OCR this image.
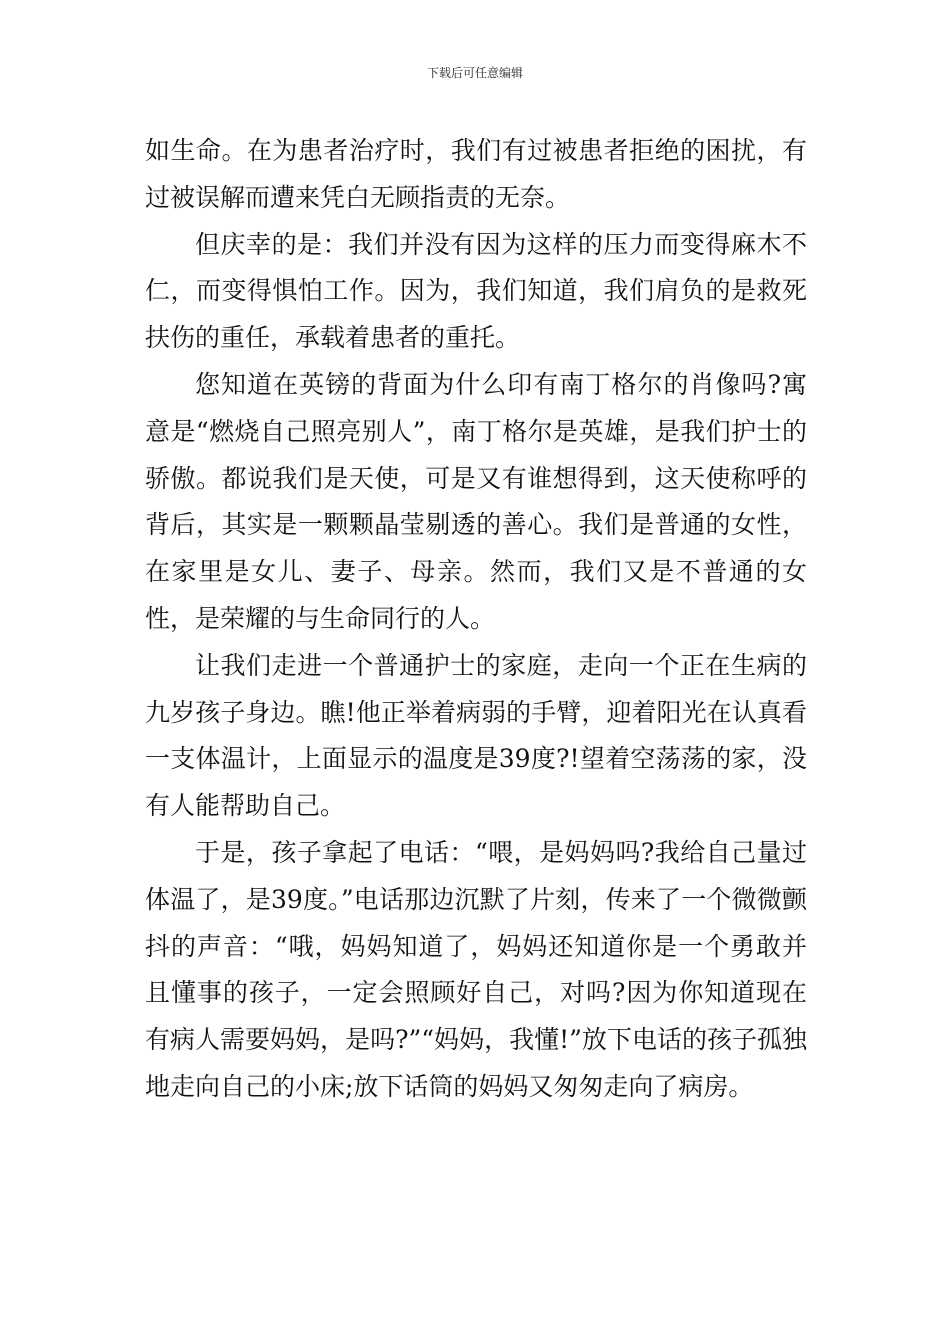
下载后可任意编辑

如生命。在为患者治疗时，我们有过被患者拒绝的困扰，有过被误解而遭来凭白无顾指责的无奈。

但庆幸的是：我们并没有因为这样的压力而变得麻木不仁，而变得惧怕工作。因为，我们知道，我们肩负的是救死扶伤的重任，承载着患者的重托。

您知道在英镑的背面为什么印有南丁格尔的肖像吗?寓意是“燃烧自己照亮别人”，南丁格尔是英雄，是我们护士的骄傲。都说我们是天使，可是又有谁想得到，这天使称呼的背后，其实是一颗颗晶莹剔透的善心。我们是普通的女性，在家里是女儿、妻子、母亲。然而，我们又是不普通的女性，是荣耀的与生命同行的人。

让我们走进一个普通护士的家庭，走向一个正在生病的九岁孩子身边。瞧!他正举着病弱的手臂，迎着阳光在认真看一支体温计，上面显示的温度是39度?!望着空荡荡的家，没有人能帮助自己。

于是，孩子拿起了电话：“喂，是妈妈吗?我给自己量过体温了，是39度。”电话那边沉默了片刻，传来了一个微微颤抖的声音：“哦，妈妈知道了，妈妈还知道你是一个勇敢并且懂事的孩子，一定会照顾好自己，对吗?因为你知道现在有病人需要妈妈，是吗?”“妈妈，我懂!”放下电话的孩子孤独地走向自己的小床;放下话筒的妈妈又匆匆走向了病房。
